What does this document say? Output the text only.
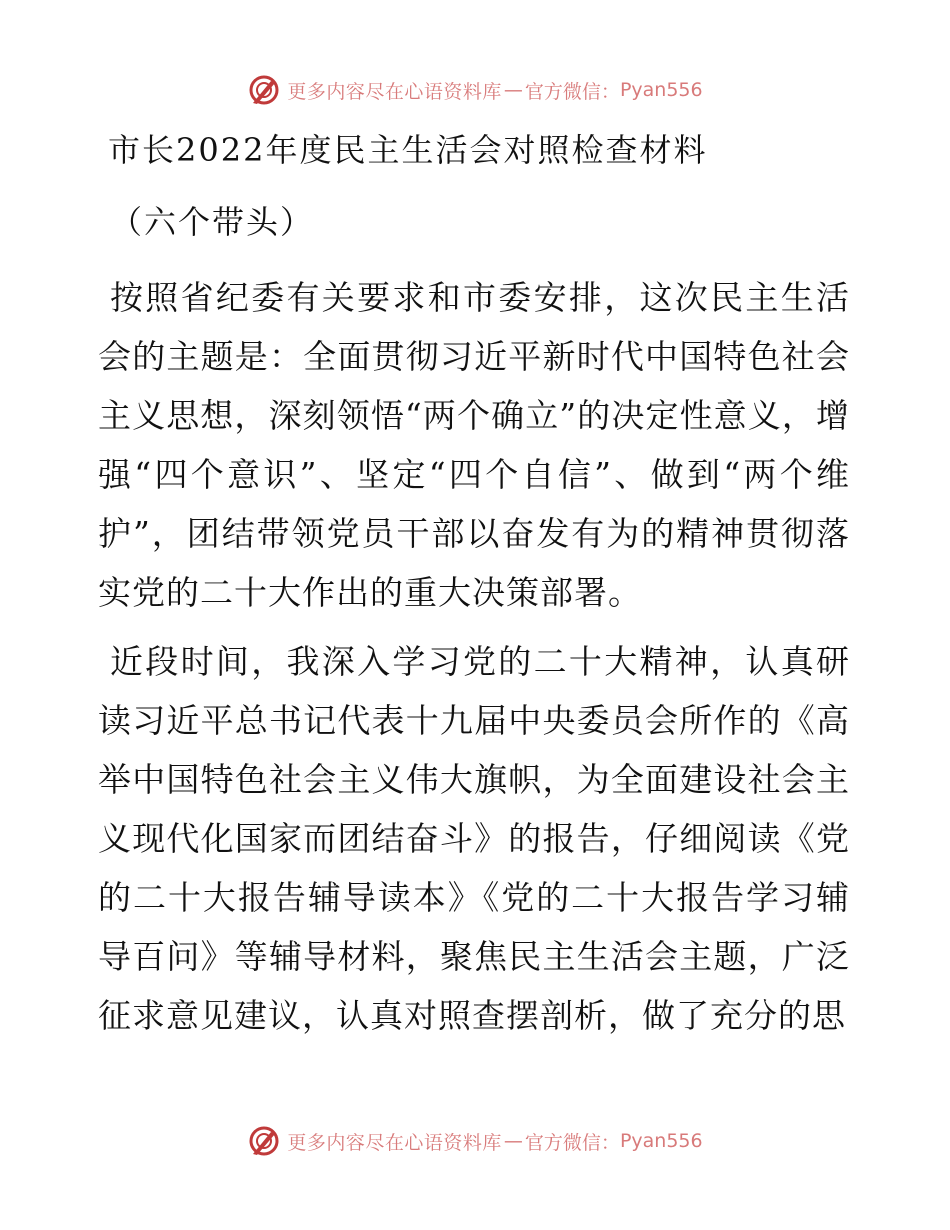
更多内容尽在心语资料库 — 官方微信： Pyan556
市长2022年度民主生活会对照检查材料
（六个带头）

按照省纪委有关要求和市委安排，这次民主生活会的主题是：全面贯彻习近平新时代中国特色社会主义思想，深刻领悟“两个确立”的决定性意义，增强“四个意识”、坚定“四个自信”、做到“两个维护”，团结带领党员干部以奋发有为的精神贯彻落实党的二十大作出的重大决策部署。

近段时间，我深入学习党的二十大精神，认真研读习近平总书记代表十九届中央委员会所作的《高举中国特色社会主义伟大旗帜，为全面建设社会主义现代化国家而团结奋斗》的报告，仔细阅读《党的二十大报告辅导读本》《党的二十大报告学习辅导百问》等辅导材料，聚焦民主生活会主题，广泛征求意见建议，认真对照查摆剖析，做了充分的思

更多内容尽在心语资料库 — 官方微信： Pyan556
